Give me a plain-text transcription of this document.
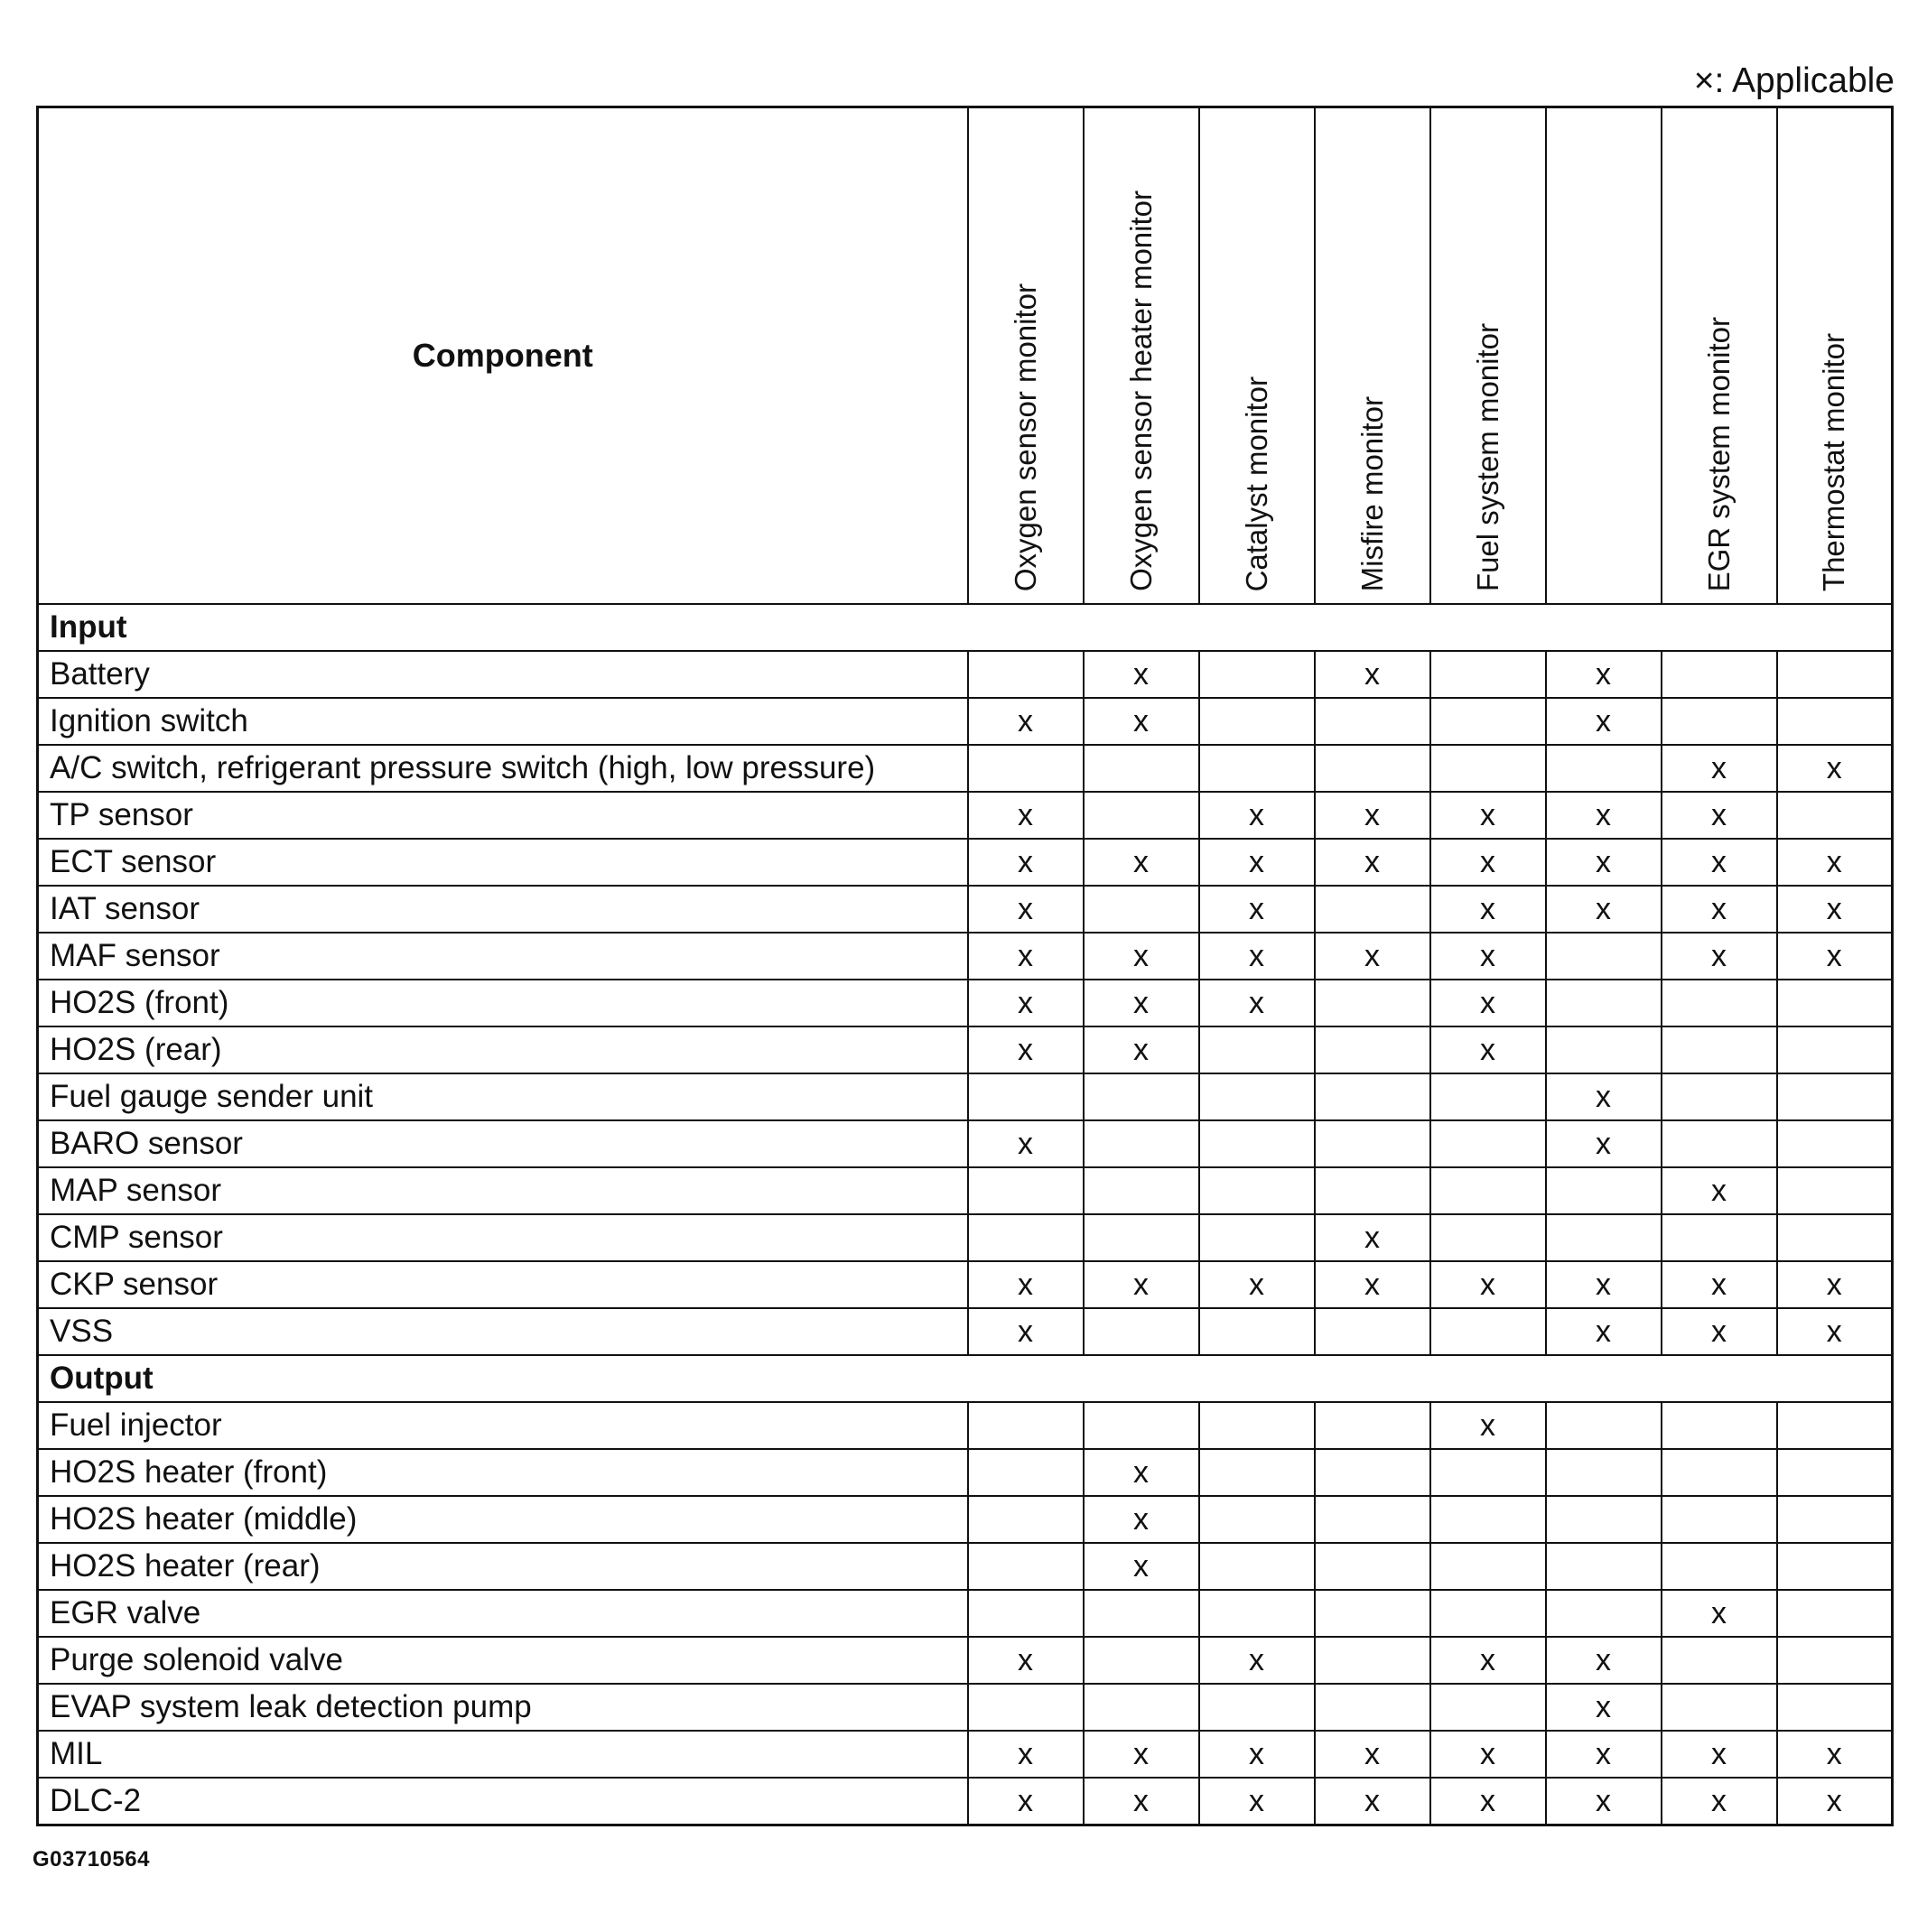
×: Applicable
Component	Oxygen sensor monitor	Oxygen sensor heater monitor	Catalyst monitor	Misfire monitor	Fuel system monitor		EGR system monitor	Thermostat monitor
Input								
Battery		x		x		x		
Ignition switch	x	x				x		
A/C switch, refrigerant pressure switch (high, low pressure)							x	x
TP sensor	x		x	x	x	x	x	
ECT sensor	x	x	x	x	x	x	x	x
IAT sensor	x		x		x	x	x	x
MAF sensor	x	x	x	x	x		x	x
HO2S (front)	x	x	x		x			
HO2S (rear)	x	x			x			
Fuel gauge sender unit						x		
BARO sensor	x					x		
MAP sensor							x	
CMP sensor				x				
CKP sensor	x	x	x	x	x	x	x	x
VSS	x					x	x	x
Output								
Fuel injector					x			
HO2S heater (front)		x						
HO2S heater (middle)		x						
HO2S heater (rear)		x						
EGR valve							x	
Purge solenoid valve	x		x		x	x		
EVAP system leak detection pump						x		
MIL	x	x	x	x	x	x	x	x
DLC-2	x	x	x	x	x	x	x	x
G03710564
